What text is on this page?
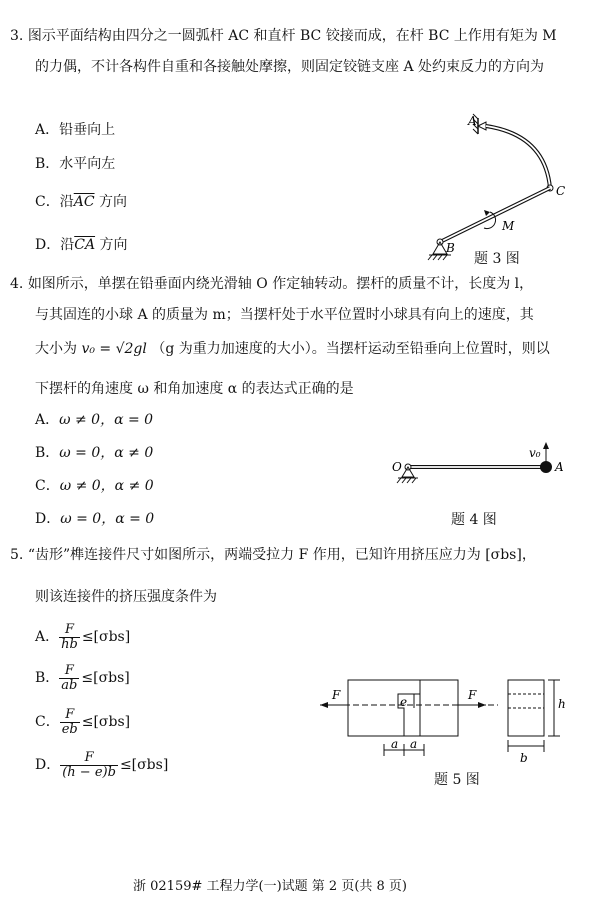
3. 图示平面结构由四分之一圆弧杆 AC 和直杆 BC 铰接而成，在杆 BC 上作用有矩为 M
的力偶，不计各构件自重和各接触处摩擦，则固定铰链支座 A 处约束反力的方向为
A．铅垂向上
B．水平向左
C．沿$\overline{AC}$ 方向
D．沿$\overline{CA}$ 方向
A
C
B
M
题 3 图
4. 如图所示，单摆在铅垂面内绕光滑轴 O 作定轴转动。摆杆的质量不计，长度为 l，
与其固连的小球 A 的质量为 m；当摆杆处于水平位置时小球具有向上的速度，其
大小为 v₀ = √2gl （g 为重力加速度的大小）。当摆杆运动至铅垂向上位置时，则以
下摆杆的角速度 ω 和角加速度 α 的表达式正确的是
A．ω ≠ 0，α = 0
B．ω = 0，α ≠ 0
C．ω ≠ 0，α ≠ 0
D．ω = 0，α = 0
O	A
v₀
题 4 图
5. “齿形”榫连接件尺寸如图所示，两端受拉力 F 作用，已知许用挤压应力为 [σbs]，
则该连接件的挤压强度条件为
A． $\frac{F}{hb} \le[\sigma bs]$
B． $\frac{F}{ab} \le[\sigma bs]$
C． $\frac{F}{eb} \le[\sigma bs]$
D． $\frac{F}{(h - e)b} \le[\sigma bs]$
F	F
e
a a
h
b
题 5 图
浙 02159# 工程力学(一)试题 第 2 页(共 8 页)
